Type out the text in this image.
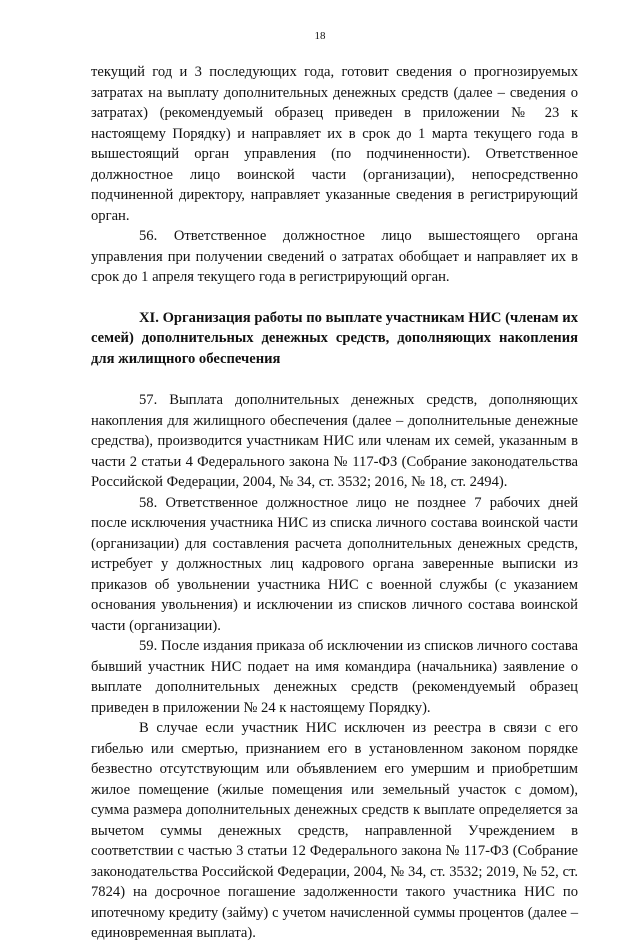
18

текущий год и 3 последующих года, готовит сведения о прогнозируемых затратах на выплату дополнительных денежных средств (далее – сведения о затратах) (рекомендуемый образец приведен в приложении № 23 к настоящему Порядку) и направляет их в срок до 1 марта текущего года в вышестоящий орган управления (по подчиненности). Ответственное должностное лицо воинской части (организации), непосредственно подчиненной директору, направляет указанные сведения в регистрирующий орган.

56. Ответственное должностное лицо вышестоящего органа управления при получении сведений о затратах обобщает и направляет их в срок до 1 апреля текущего года в регистрирующий орган.

XI. Организация работы по выплате участникам НИС (членам их семей) дополнительных денежных средств, дополняющих накопления для жилищного обеспечения

57. Выплата дополнительных денежных средств, дополняющих накопления для жилищного обеспечения (далее – дополнительные денежные средства), производится участникам НИС или членам их семей, указанным в части 2 статьи 4 Федерального закона № 117-ФЗ (Собрание законодательства Российской Федерации, 2004, № 34, ст. 3532; 2016, № 18, ст. 2494).

58. Ответственное должностное лицо не позднее 7 рабочих дней после исключения участника НИС из списка личного состава воинской части (организации) для составления расчета дополнительных денежных средств, истребует у должностных лиц кадрового органа заверенные выписки из приказов об увольнении участника НИС с военной службы (с указанием основания увольнения) и исключении из списков личного состава воинской части (организации).

59. После издания приказа об исключении из списков личного состава бывший участник НИС подает на имя командира (начальника) заявление о выплате дополнительных денежных средств (рекомендуемый образец приведен в приложении № 24 к настоящему Порядку).

В случае если участник НИС исключен из реестра в связи с его гибелью или смертью, признанием его в установленном законом порядке безвестно отсутствующим или объявлением его умершим и приобретшим жилое помещение (жилые помещения или земельный участок с домом), сумма размера дополнительных денежных средств к выплате определяется за вычетом суммы денежных средств, направленной Учреждением в соответствии с частью 3 статьи 12 Федерального закона № 117-ФЗ (Собрание законодательства Российской Федерации, 2004, № 34, ст. 3532; 2019, № 52, ст. 7824) на досрочное погашение задолженности такого участника НИС по ипотечному кредиту (займу) с учетом начисленной суммы процентов (далее – единовременная выплата).
